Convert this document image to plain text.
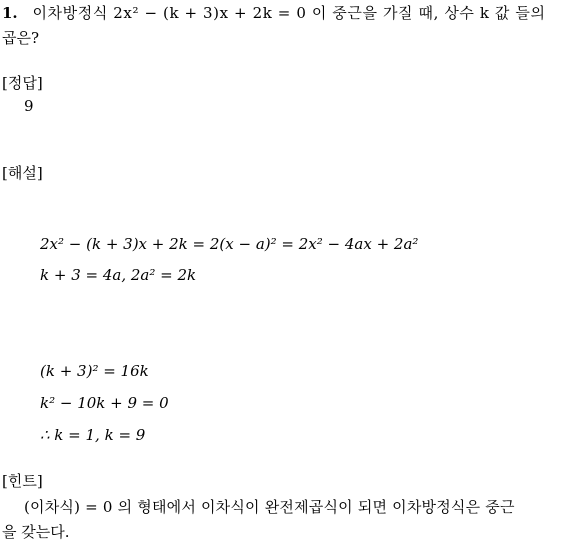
1. 이차방정식 2x² − (k + 3)x + 2k = 0 이 중근을 가질 때, 상수 k 값 들의
곱은?
[정답]
9
[해설]
2x² − (k + 3)x + 2k = 2(x − a)² = 2x² − 4ax + 2a²
k + 3 = 4a, 2a² = 2k
(k + 3)² = 16k
k² − 10k + 9 = 0
∴ k = 1, k = 9
[힌트]
(이차식) = 0 의 형태에서 이차식이 완전제곱식이 되면 이차방정식은 중근
을 갖는다.
